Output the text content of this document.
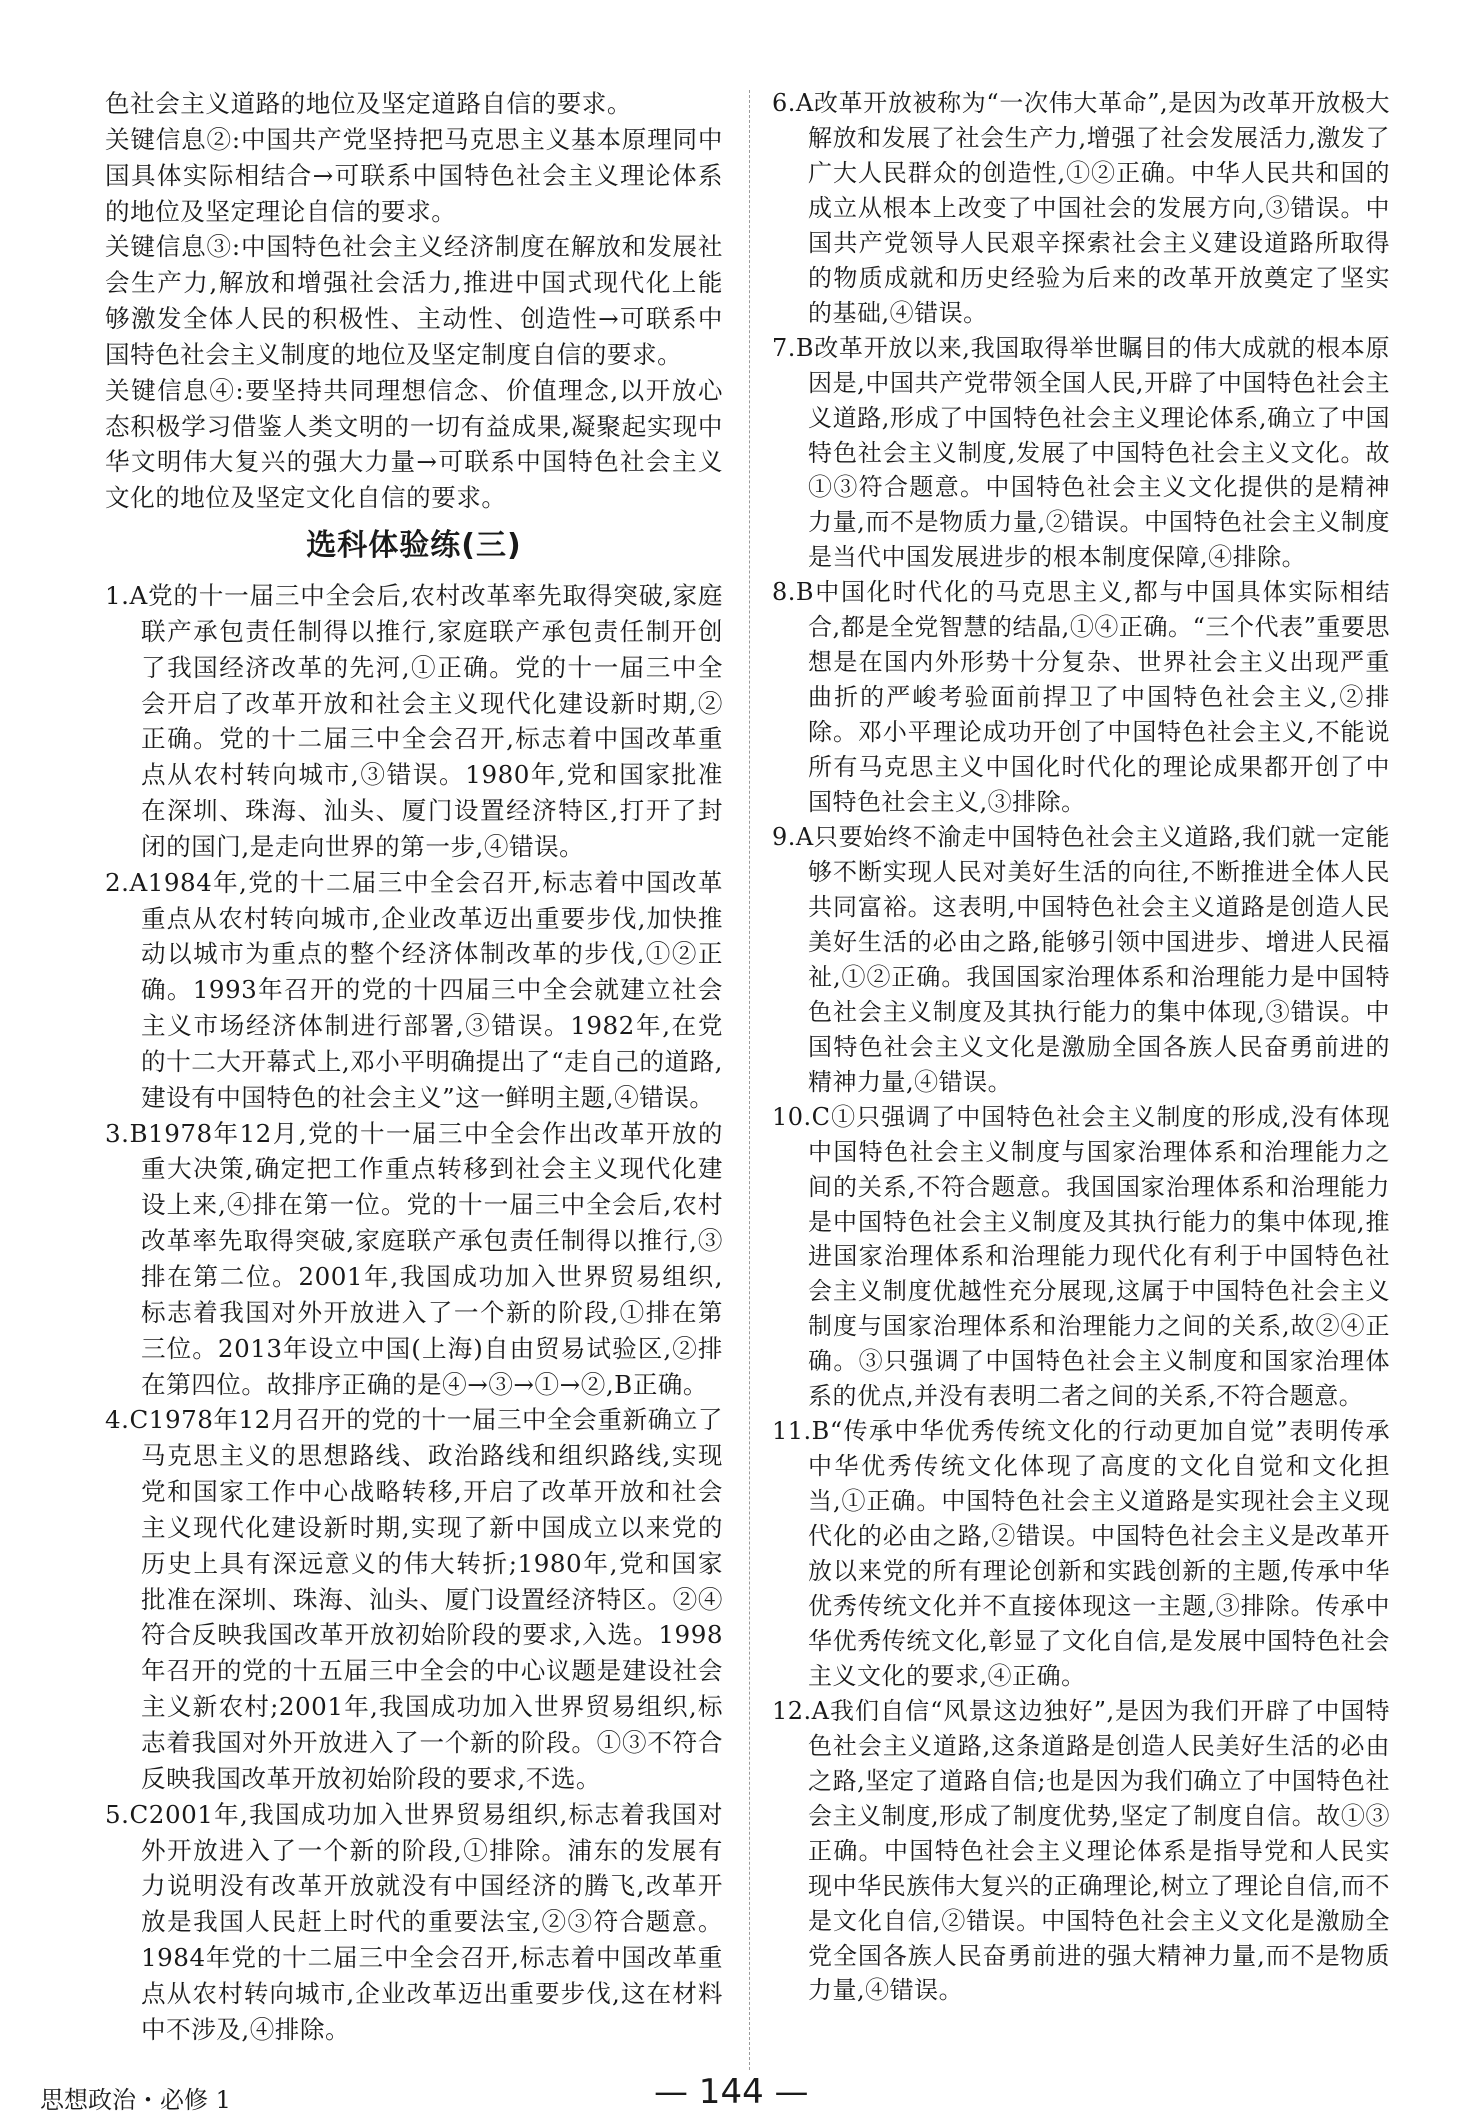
色社会主义道路的地位及坚定道路自信的要求。

关键信息②:中国共产党坚持把马克思主义基本原理同中国具体实际相结合→可联系中国特色社会主义理论体系的地位及坚定理论自信的要求。

关键信息③:中国特色社会主义经济制度在解放和发展社会生产力,解放和增强社会活力,推进中国式现代化上能够激发全体人民的积极性、主动性、创造性→可联系中国特色社会主义制度的地位及坚定制度自信的要求。

关键信息④:要坚持共同理想信念、价值理念,以开放心态积极学习借鉴人类文明的一切有益成果,凝聚起实现中华文明伟大复兴的强大力量→可联系中国特色社会主义文化的地位及坚定文化自信的要求。

选科体验练(三)

1.A党的十一届三中全会后,农村改革率先取得突破,家庭联产承包责任制得以推行,家庭联产承包责任制开创了我国经济改革的先河,①正确。党的十一届三中全会开启了改革开放和社会主义现代化建设新时期,②正确。党的十二届三中全会召开,标志着中国改革重点从农村转向城市,③错误。1980年,党和国家批准在深圳、珠海、汕头、厦门设置经济特区,打开了封闭的国门,是走向世界的第一步,④错误。

2.A1984年,党的十二届三中全会召开,标志着中国改革重点从农村转向城市,企业改革迈出重要步伐,加快推动以城市为重点的整个经济体制改革的步伐,①②正确。1993年召开的党的十四届三中全会就建立社会主义市场经济体制进行部署,③错误。1982年,在党的十二大开幕式上,邓小平明确提出了“走自己的道路,建设有中国特色的社会主义”这一鲜明主题,④错误。

3.B1978年12月,党的十一届三中全会作出改革开放的重大决策,确定把工作重点转移到社会主义现代化建设上来,④排在第一位。党的十一届三中全会后,农村改革率先取得突破,家庭联产承包责任制得以推行,③排在第二位。2001年,我国成功加入世界贸易组织,标志着我国对外开放进入了一个新的阶段,①排在第三位。2013年设立中国(上海)自由贸易试验区,②排在第四位。故排序正确的是④→③→①→②,B正确。

4.C1978年12月召开的党的十一届三中全会重新确立了马克思主义的思想路线、政治路线和组织路线,实现党和国家工作中心战略转移,开启了改革开放和社会主义现代化建设新时期,实现了新中国成立以来党的历史上具有深远意义的伟大转折;1980年,党和国家批准在深圳、珠海、汕头、厦门设置经济特区。②④符合反映我国改革开放初始阶段的要求,入选。1998年召开的党的十五届三中全会的中心议题是建设社会主义新农村;2001年,我国成功加入世界贸易组织,标志着我国对外开放进入了一个新的阶段。①③不符合反映我国改革开放初始阶段的要求,不选。

5.C2001年,我国成功加入世界贸易组织,标志着我国对外开放进入了一个新的阶段,①排除。浦东的发展有力说明没有改革开放就没有中国经济的腾飞,改革开放是我国人民赶上时代的重要法宝,②③符合题意。1984年党的十二届三中全会召开,标志着中国改革重点从农村转向城市,企业改革迈出重要步伐,这在材料中不涉及,④排除。

6.A改革开放被称为“一次伟大革命”,是因为改革开放极大解放和发展了社会生产力,增强了社会发展活力,激发了广大人民群众的创造性,①②正确。中华人民共和国的成立从根本上改变了中国社会的发展方向,③错误。中国共产党领导人民艰辛探索社会主义建设道路所取得的物质成就和历史经验为后来的改革开放奠定了坚实的基础,④错误。

7.B改革开放以来,我国取得举世瞩目的伟大成就的根本原因是,中国共产党带领全国人民,开辟了中国特色社会主义道路,形成了中国特色社会主义理论体系,确立了中国特色社会主义制度,发展了中国特色社会主义文化。故①③符合题意。中国特色社会主义文化提供的是精神力量,而不是物质力量,②错误。中国特色社会主义制度是当代中国发展进步的根本制度保障,④排除。

8.B中国化时代化的马克思主义,都与中国具体实际相结合,都是全党智慧的结晶,①④正确。“三个代表”重要思想是在国内外形势十分复杂、世界社会主义出现严重曲折的严峻考验面前捍卫了中国特色社会主义,②排除。邓小平理论成功开创了中国特色社会主义,不能说所有马克思主义中国化时代化的理论成果都开创了中国特色社会主义,③排除。

9.A只要始终不渝走中国特色社会主义道路,我们就一定能够不断实现人民对美好生活的向往,不断推进全体人民共同富裕。这表明,中国特色社会主义道路是创造人民美好生活的必由之路,能够引领中国进步、增进人民福祉,①②正确。我国国家治理体系和治理能力是中国特色社会主义制度及其执行能力的集中体现,③错误。中国特色社会主义文化是激励全国各族人民奋勇前进的精神力量,④错误。

10.C①只强调了中国特色社会主义制度的形成,没有体现中国特色社会主义制度与国家治理体系和治理能力之间的关系,不符合题意。我国国家治理体系和治理能力是中国特色社会主义制度及其执行能力的集中体现,推进国家治理体系和治理能力现代化有利于中国特色社会主义制度优越性充分展现,这属于中国特色社会主义制度与国家治理体系和治理能力之间的关系,故②④正确。③只强调了中国特色社会主义制度和国家治理体系的优点,并没有表明二者之间的关系,不符合题意。

11.B“传承中华优秀传统文化的行动更加自觉”表明传承中华优秀传统文化体现了高度的文化自觉和文化担当,①正确。中国特色社会主义道路是实现社会主义现代化的必由之路,②错误。中国特色社会主义是改革开放以来党的所有理论创新和实践创新的主题,传承中华优秀传统文化并不直接体现这一主题,③排除。传承中华优秀传统文化,彰显了文化自信,是发展中国特色社会主义文化的要求,④正确。

12.A我们自信“风景这边独好”,是因为我们开辟了中国特色社会主义道路,这条道路是创造人民美好生活的必由之路,坚定了道路自信;也是因为我们确立了中国特色社会主义制度,形成了制度优势,坚定了制度自信。故①③正确。中国特色社会主义理论体系是指导党和人民实现中华民族伟大复兴的正确理论,树立了理论自信,而不是文化自信,②错误。中国特色社会主义文化是激励全党全国各族人民奋勇前进的强大精神力量,而不是物质力量,④错误。

思想政治・必修 1	— 144 —
